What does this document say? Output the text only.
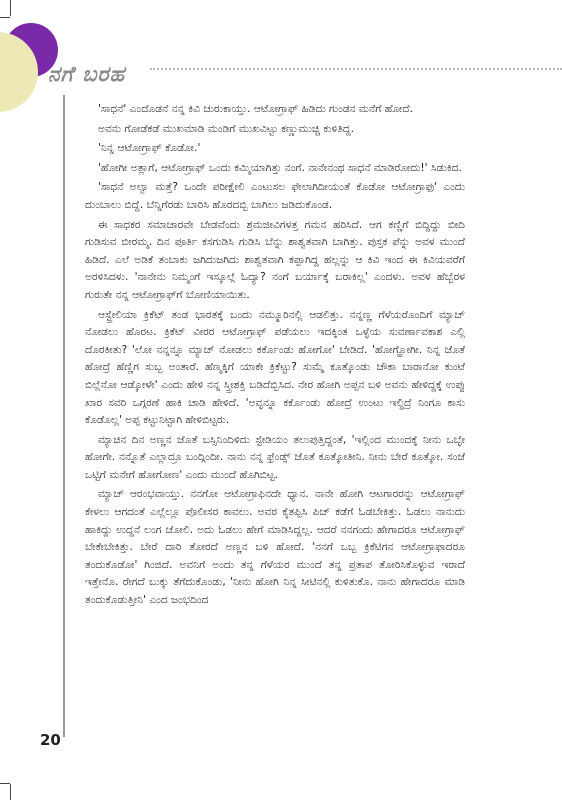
ನಗೆ ಬರಹ
20

'ಸಾಧನೆ' ಎಂದೊಡನೆ ನನ್ನ ಕಿವಿ ಚುರುಕಾಯ್ತು. ಆಟೋಗ್ರಾಫ್ ಹಿಡಿದು ಗುಂಡನ ಮನೆಗೆ ಹೋದೆ.

ಅವನು ಗೋಡೆಕಡೆ ಮುಖಮಾಡಿ ಮಂಡಿಗೆ ಮುಖವಿಟ್ಟು ಕಣ್ಣುಮುಚ್ಚಿ ಕುಳಿತಿದ್ದ.

'ನಿನ್ನ ಆಟೋಗ್ರಾಫ್ ಕೊಡೋ.'

'ಹೋಗೀ ಅತ್ಲಾಗೆ, ಆಟೋಗ್ರಾಫ್ ಒಂದು ಕಮ್ಮಿಯಾಗಿತ್ತು ನಂಗೆ. ನಾನೇನಂಥ ಸಾಧನೆ ಮಾಡಿರೋದು!' ಸಿಡುಕಿದ.

'ಸಾಧನೆ ಅಲ್ವಾ ಮತ್ತೆ? ಒಂದೇ ಪರೀಕ್ಷೇಲಿ ಎಂಟುಸಲ ಫೇಲಾಗಿದೀಯಂತೆ ಕೊಡೋ ಆಟೋಗ್ರಾಫು' ಎಂದು ದುಂಬಾಲು ಬಿದ್ದೆ. ಬೆನ್ನಿಗೆರಡು ಬಾರಿಸಿ ಹೊರದಬ್ಬಿ ಬಾಗಿಲು ಜಡಿದುಕೊಂಡ.

ಈ ಸಾಧಕರ ಸಮಾಚಾರವೇ ಬೇಡವೆಂದು ಶ್ರಮಜೀವಿಗಳತ್ತ ಗಮನ ಹರಿಸಿದೆ. ಆಗ ಕಣ್ಣಿಗೆ ಬಿದ್ದಿದ್ದು ಬೀದಿ ಗುಡಿಸುವ ಬೀರಮ್ಮ. ದಿನ ಪೂರ್ತಿ ಕಸಗುಡಿಸಿ ಗುಡಿಸಿ ಬೆನ್ನು ಶಾಶ್ವತವಾಗಿ ಬಾಗಿತ್ತು. ಪುಸ್ತಕ ಪೆನ್ನು ಅವಳ ಮುಂದೆ ಹಿಡಿದೆ. ಎಲೆ ಅಡಿಕೆ ತಂಬಾಕು ಜಗಿದುಜಗಿದು ಶಾಶ್ವತವಾಗಿ ಕಪ್ಪಾಗಿದ್ದ ಹಲ್ಲನ್ನು ಆ ಕಿವಿ ಇಂದ ಈ ಕಿವಿಯವರೆಗೆ ಅರಳಿಸಿದಳು. 'ನಾನೇನು ನಿಮ್ಮಂಗೆ ಇಸ್ಕೂಲ್ಗೆ ಓದ್ಯಾ? ನಂಗೆ ಬರ್ಯಾಕ್ಕೆ ಬರಾಕಿಲ್ಲ' ಎಂದಳು. ಅವಳ ಹೆಬ್ಬೆರಳ ಗುರುತೇ ನನ್ನ ಆಟೋಗ್ರಾಫ್‌ಗೆ ಬೋಣಿಯಾಯಿತು.

ಆಸ್ಟ್ರೇಲಿಯಾ ಕ್ರಿಕೆಟ್ ತಂಡ ಭಾರತಕ್ಕೆ ಬಂದು ನಮ್ಮೂರಿನಲ್ಲಿ ಆಡಲಿತ್ತು. ನನ್ನಣ್ಣ ಗೆಳೆಯರೊಂದಿಗೆ ಮ್ಯಾಚ್ ನೋಡಲು ಹೊರಟ. ಕ್ರಿಕೆಟ್ ವೀರರ ಆಟೋಗ್ರಾಫ್ ಪಡೆಯಲು ಇದಕ್ಕಿಂತ ಒಳ್ಳೆಯ ಸುವರ್ಣಾವಕಾಶ ಎಲ್ಲಿ ದೊರಕೀತು? 'ಲೋ ನನ್ನನ್ನೂ ಮ್ಯಾಚ್ ನೋಡಲು ಕರ್ಕೊಂಡು ಹೋಗೋ' ಬೇಡಿದೆ. 'ಹೋಗ್ಹೋಗೀ. ನಿನ್ನ ಜೊತೆ ಹೋದ್ರೆ ಹೆಣ್ಣಿಗ ಸುಬ್ಬ ಅಂತಾರೆ. ಹೆಣ್ಮಕ್ಕಿಗೆ ಯಾಕೇ ಕ್ರಿಕೆಟ್ಟು? ಸುಮ್ಮೆ ಕೂತ್ಕೊಂಡು ಚೌಕಾ ಬಾರಾನೋ ಕುಂಟೆ ಬಿಲ್ಲೆನೋ ಆಡ್ಕೋಳೇ' ಎಂದು ಹೇಳಿ ನನ್ನ ಸ್ತ್ರೀಶಕ್ತಿ ಬಡಿದೆಬ್ಬಿಸಿದ. ನೇರ ಹೋಗಿ ಅಪ್ಪನ ಬಳಿ ಅವನು ಹೇಳಿದ್ದಕ್ಕೆ ಉಪ್ಪು ಖಾರ ಸವರಿ ಒಗ್ಗರಣೆ ಹಾಕಿ ಚಾಡಿ ಹೇಳಿದೆ. 'ಅವ್ಳನ್ನೂ ಕರ್ಕೊಂಡು ಹೋದ್ರೆ ಉಂಟು ಇಲ್ದಿದ್ರೆ ನಿಂಗೂ ಕಾಸು ಕೊಡೊಲ್ಲ' ಅಪ್ಪ ಕಟ್ಟುನಿಟ್ಟಾಗಿ ಹೇಳಿಬಿಟ್ಟರು.

ಮ್ಯಾಚಿನ ದಿನ ಅಣ್ಣನ ಜೊತೆ ಬಸ್ಸಿನಿಂದಿಳಿದು ಸ್ಟೇಡಿಯಂ ತಲುಪುತ್ತಿದ್ದಂತೆ, 'ಇಲ್ಲಿಂದ ಮುಂದಕ್ಕೆ ನೀನು ಒಬ್ಳೇ ಹೋಗೇ. ನನ್ನೊತೆ ಎಲ್ಲಾದ್ರೂ ಬಂದ್ಗಿಂದೀ. ನಾನು ನನ್ನ ಫ್ರೆಂಡ್ಸ್ ಜೊತೆ ಕೂತ್ಕೋತೀನಿ. ನೀನು ಬೇರೆ ಕೂತ್ಕೋ. ಸಂಜೆ ಒಟ್ಟಿಗೆ ಮನೇಗೆ ಹೋಗೋಣ' ಎಂದು ಮುಂದೆ ಹೊಗಿಬಿಟ್ಟ.

ಮ್ಯಾಚ್ ಆರಂಭವಾಯ್ತು. ನನಗೋ ಆಟೋಗ್ರಾಫಿನದೇ ಧ್ಯಾನ. ನಾನೇ ಹೋಗಿ ಆಟಗಾರರನ್ನು ಆಟೋಗ್ರಾಫ್ ಕೇಳಲು ಆಗದಂತೆ ಎಲ್ಲೆಲ್ಲೂ ಪೊಲೀಸರ ಕಾವಲು. ಅವರ ಕೈತಪ್ಪಿಸಿ ಪಿಚ್ ಕಡೆಗೆ ಓಡಬೇಕಿತ್ತು. ಓಡಲು ನಾನುದು ಹಾಕಿದ್ದು ಉದ್ದನೆ ಲಂಗ ಚೋಲಿ. ಅದು ಓಡಲು ಹೇಗೆ ಮಾಡಿಸಿದ್ದಲ್ಲ. ಆದರೆ ನನಗಂದು ಹೇಗಾದರೂ ಆಟೋಗ್ರಾಫ್ ಬೇಕೇಬೇಕಿತ್ತು. ಬೇರೆ ದಾರಿ ತೋರದೆ ಅಣ್ಣನ ಬಳಿ ಹೋದೆ. 'ನನಗೆ ಒಬ್ಬ ಕ್ರಿಕೆಟಿಗನ ಆಟೋಗ್ರಾಫಾದರೂ ತಂದುಕೊಡೋ' ಗಿಂಜಿದೆ. ಅವನಿಗೆ ಅಂದು ತನ್ನ ಗೆಳೆಯರ ಮುಂದೆ ತನ್ನ ಪ್ರತಾಪ ತೋರಿಸಿಕೊಳ್ಳುವ ಇರಾದೆ ಇತ್ತೇನೊ. ರೇಗದೆ ಬುಕ್ಕು ತೆಗೆದುಕೊಂಡು, 'ನೀನು ಹೋಗಿ ನಿನ್ನ ಸೀಟಿನಲ್ಲಿ ಕುಳಿತುಕೊ. ನಾನು ಹೇಗಾದರೂ ಮಾಡಿ ತಂದುಕೊಡುತ್ತೀನಿ' ಎಂದ ಜಂಭದಿಂದ
